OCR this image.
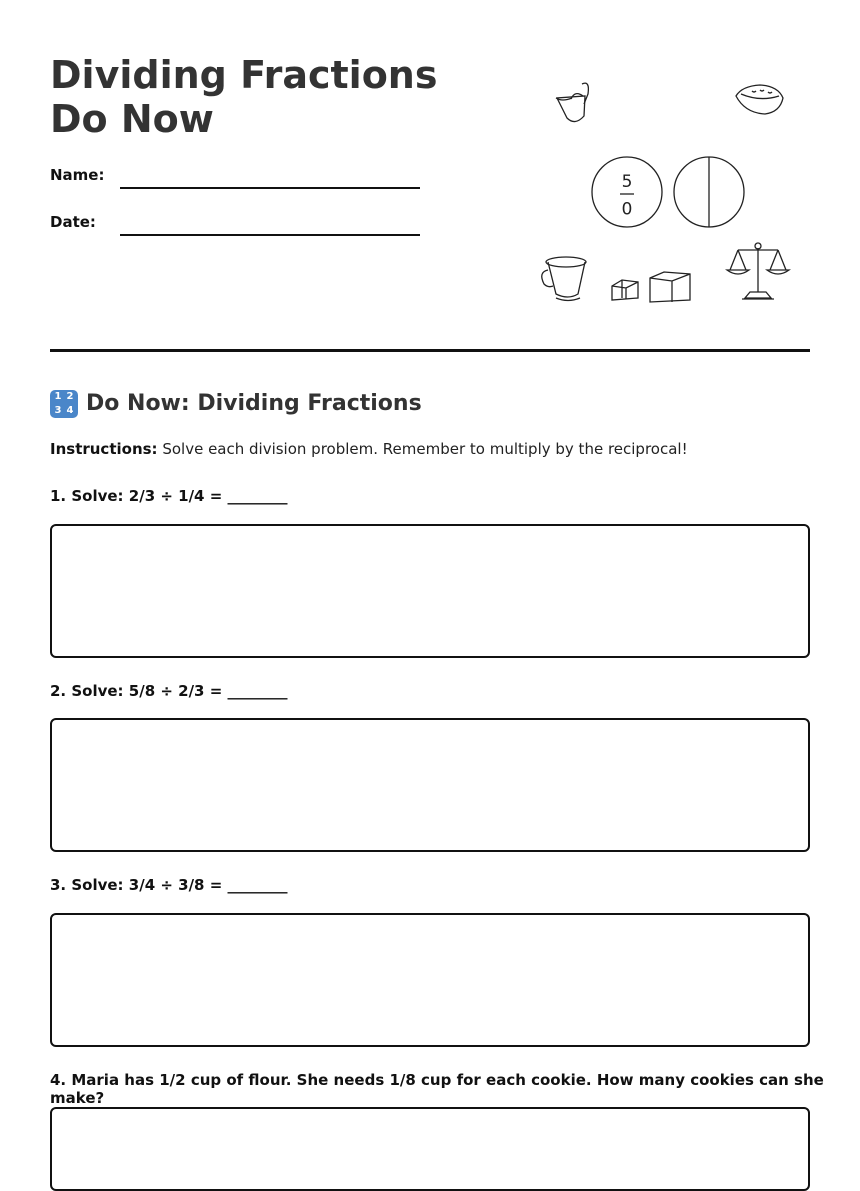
Dividing Fractions Do Now
Name:
Date:
5
0
1 2
3 4 Do Now: Dividing Fractions
Instructions: Solve each division problem. Remember to multiply by the reciprocal!
1. Solve: 2/3 ÷ 1/4 = ________
2. Solve: 5/8 ÷ 2/3 = ________
3. Solve: 3/4 ÷ 3/8 = ________
4. Maria has 1/2 cup of flour. She needs 1/8 cup for each cookie. How many cookies can she make?
